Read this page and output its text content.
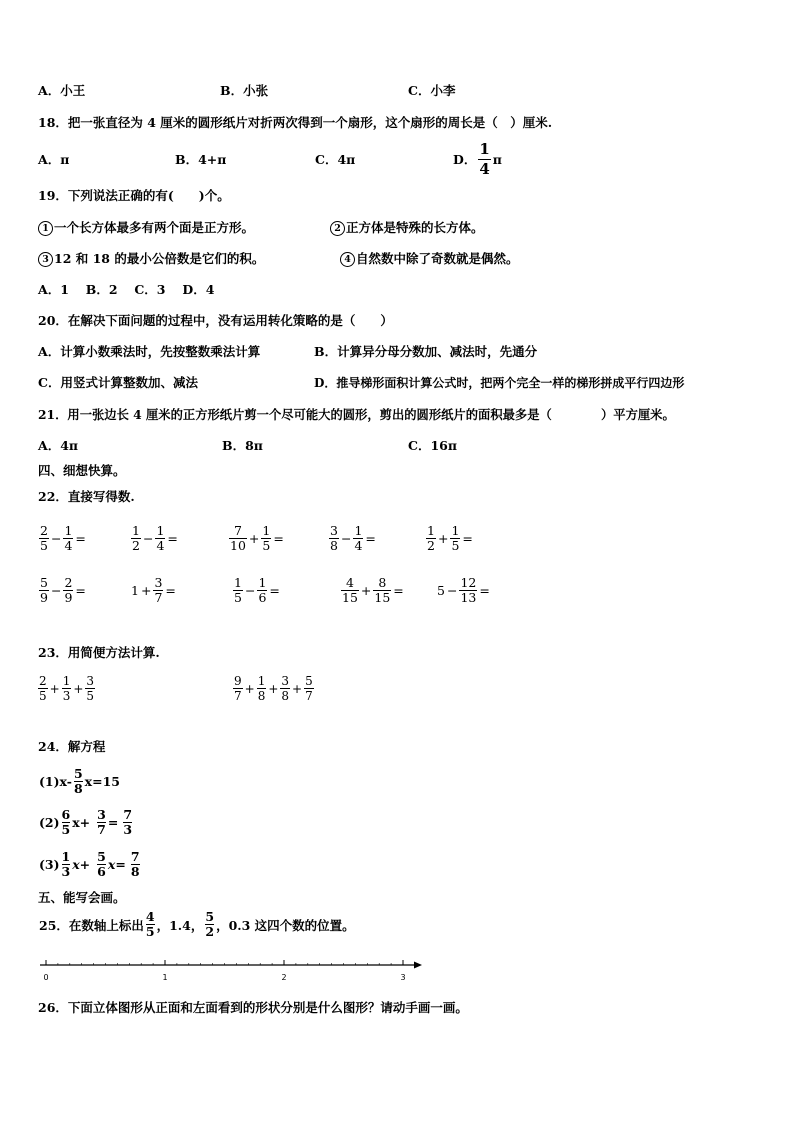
A．小王	B．小张	C．小李
18．把一张直径为 4 厘米的圆形纸片对折两次得到一个扇形，这个扇形的周长是（　）厘米.
A．π	B．4+π	C．4π	D． $\frac{1}{4}$ π
19．下列说法正确的有(　　)个。
1 一个长方体最多有两个面是正方形。	2 正方体是特殊的长方体。
3 12 和 18 的最小公倍数是它们的积。	4 自然数中除了奇数就是偶然。
A．1　 B．2　 C．3　 D．4
20．在解决下面问题的过程中，没有运用转化策略的是（　　）
A．计算小数乘法时，先按整数乘法计算	B．计算异分母分数加、减法时，先通分
C．用竖式计算整数加、减法	D．推导梯形面积计算公式时，把两个完全一样的梯形拼成平行四边形
21．用一张边长 4 厘米的正方形纸片剪一个尽可能大的圆形，剪出的圆形纸片的面积最多是（　　　　）平方厘米。
A．4π	B．8π	C．16π
四、细想快算。
22．直接写得数.
$\frac{2}{5} - \frac{1}{4}$ =	$\frac{1}{2} - \frac{1}{4}$ =	$\frac{7}{10} + \frac{1}{5}$ =	$\frac{3}{8} - \frac{1}{4}$ =	$\frac{1}{2} + \frac{1}{5}$ =
$\frac{5}{9} - \frac{2}{9}$ =	$1 + \frac{3}{7}$ =	$\frac{1}{5} - \frac{1}{6}$ =	$\frac{4}{15} + \frac{8}{15}$ =	$5 - \frac{12}{13}$ =
23．用简便方法计算.
$\frac{2}{5} + \frac{1}{3} + \frac{3}{5}$	$\frac{9}{7} + \frac{1}{8} + \frac{3}{8} + \frac{5}{7}$
24．解方程
$(1)x- \frac{5}{8} x=15$
$(2) \frac{6}{5} x+ \frac{3}{7} = \frac{7}{3}$
$(3) \frac{1}{3} x+ \frac{5}{6} x= \frac{7}{8}$
五、能写会画。
25．在数轴上标出 $\frac{4}{5}$ ，1.4， $\frac{5}{2}$ ，0.3 这四个数的位置。
0	1	2	3
26．下面立体图形从正面和左面看到的形状分别是什么图形？请动手画一画。
